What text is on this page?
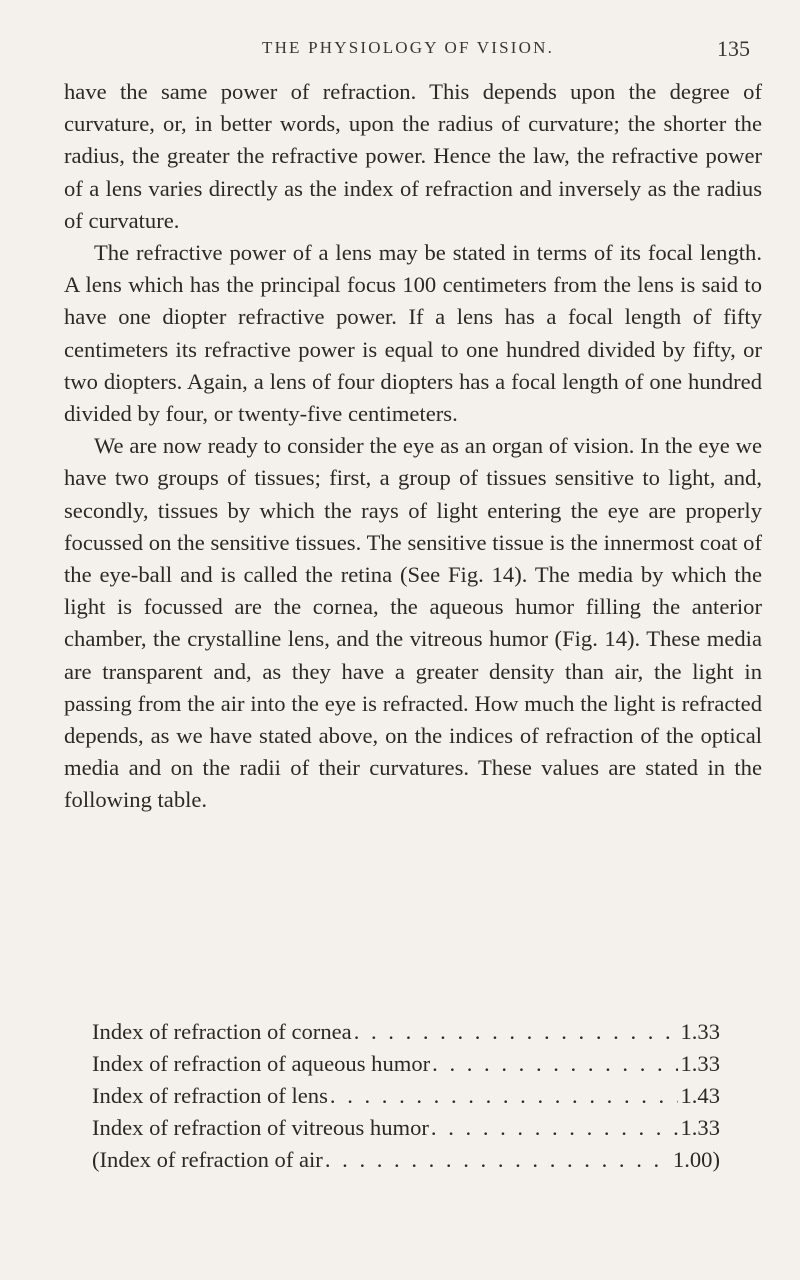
THE PHYSIOLOGY OF VISION.	135

have the same power of refraction. This depends upon the degree of curvature, or, in better words, upon the radius of curvature; the shorter the radius, the greater the refractive power. Hence the law, the refractive power of a lens varies directly as the index of refraction and inversely as the radius of curvature.

The refractive power of a lens may be stated in terms of its focal length. A lens which has the principal focus 100 centimeters from the lens is said to have one diopter refractive power. If a lens has a focal length of fifty centimeters its refractive power is equal to one hundred divided by fifty, or two diopters. Again, a lens of four diopters has a focal length of one hundred divided by four, or twenty-five centimeters.

We are now ready to consider the eye as an organ of vision. In the eye we have two groups of tissues; first, a group of tissues sensitive to light, and, secondly, tissues by which the rays of light entering the eye are properly focussed on the sensitive tissues. The sensitive tissue is the innermost coat of the eye-ball and is called the retina (See Fig. 14). The media by which the light is focussed are the cornea, the aqueous humor filling the anterior chamber, the crystalline lens, and the vitreous humor (Fig. 14). These media are transparent and, as they have a greater density than air, the light in passing from the air into the eye is refracted. How much the light is refracted depends, as we have stated above, on the indices of refraction of the optical media and on the radii of their curvatures. These values are stated in the following table.

Index of refraction of cornea . . .	1.33
Index of refraction of aqueous humor . . .	1.33
Index of refraction of lens . . .	1.43
Index of refraction of vitreous humor . . .	1.33
(Index of refraction of air . . .	1.00)
